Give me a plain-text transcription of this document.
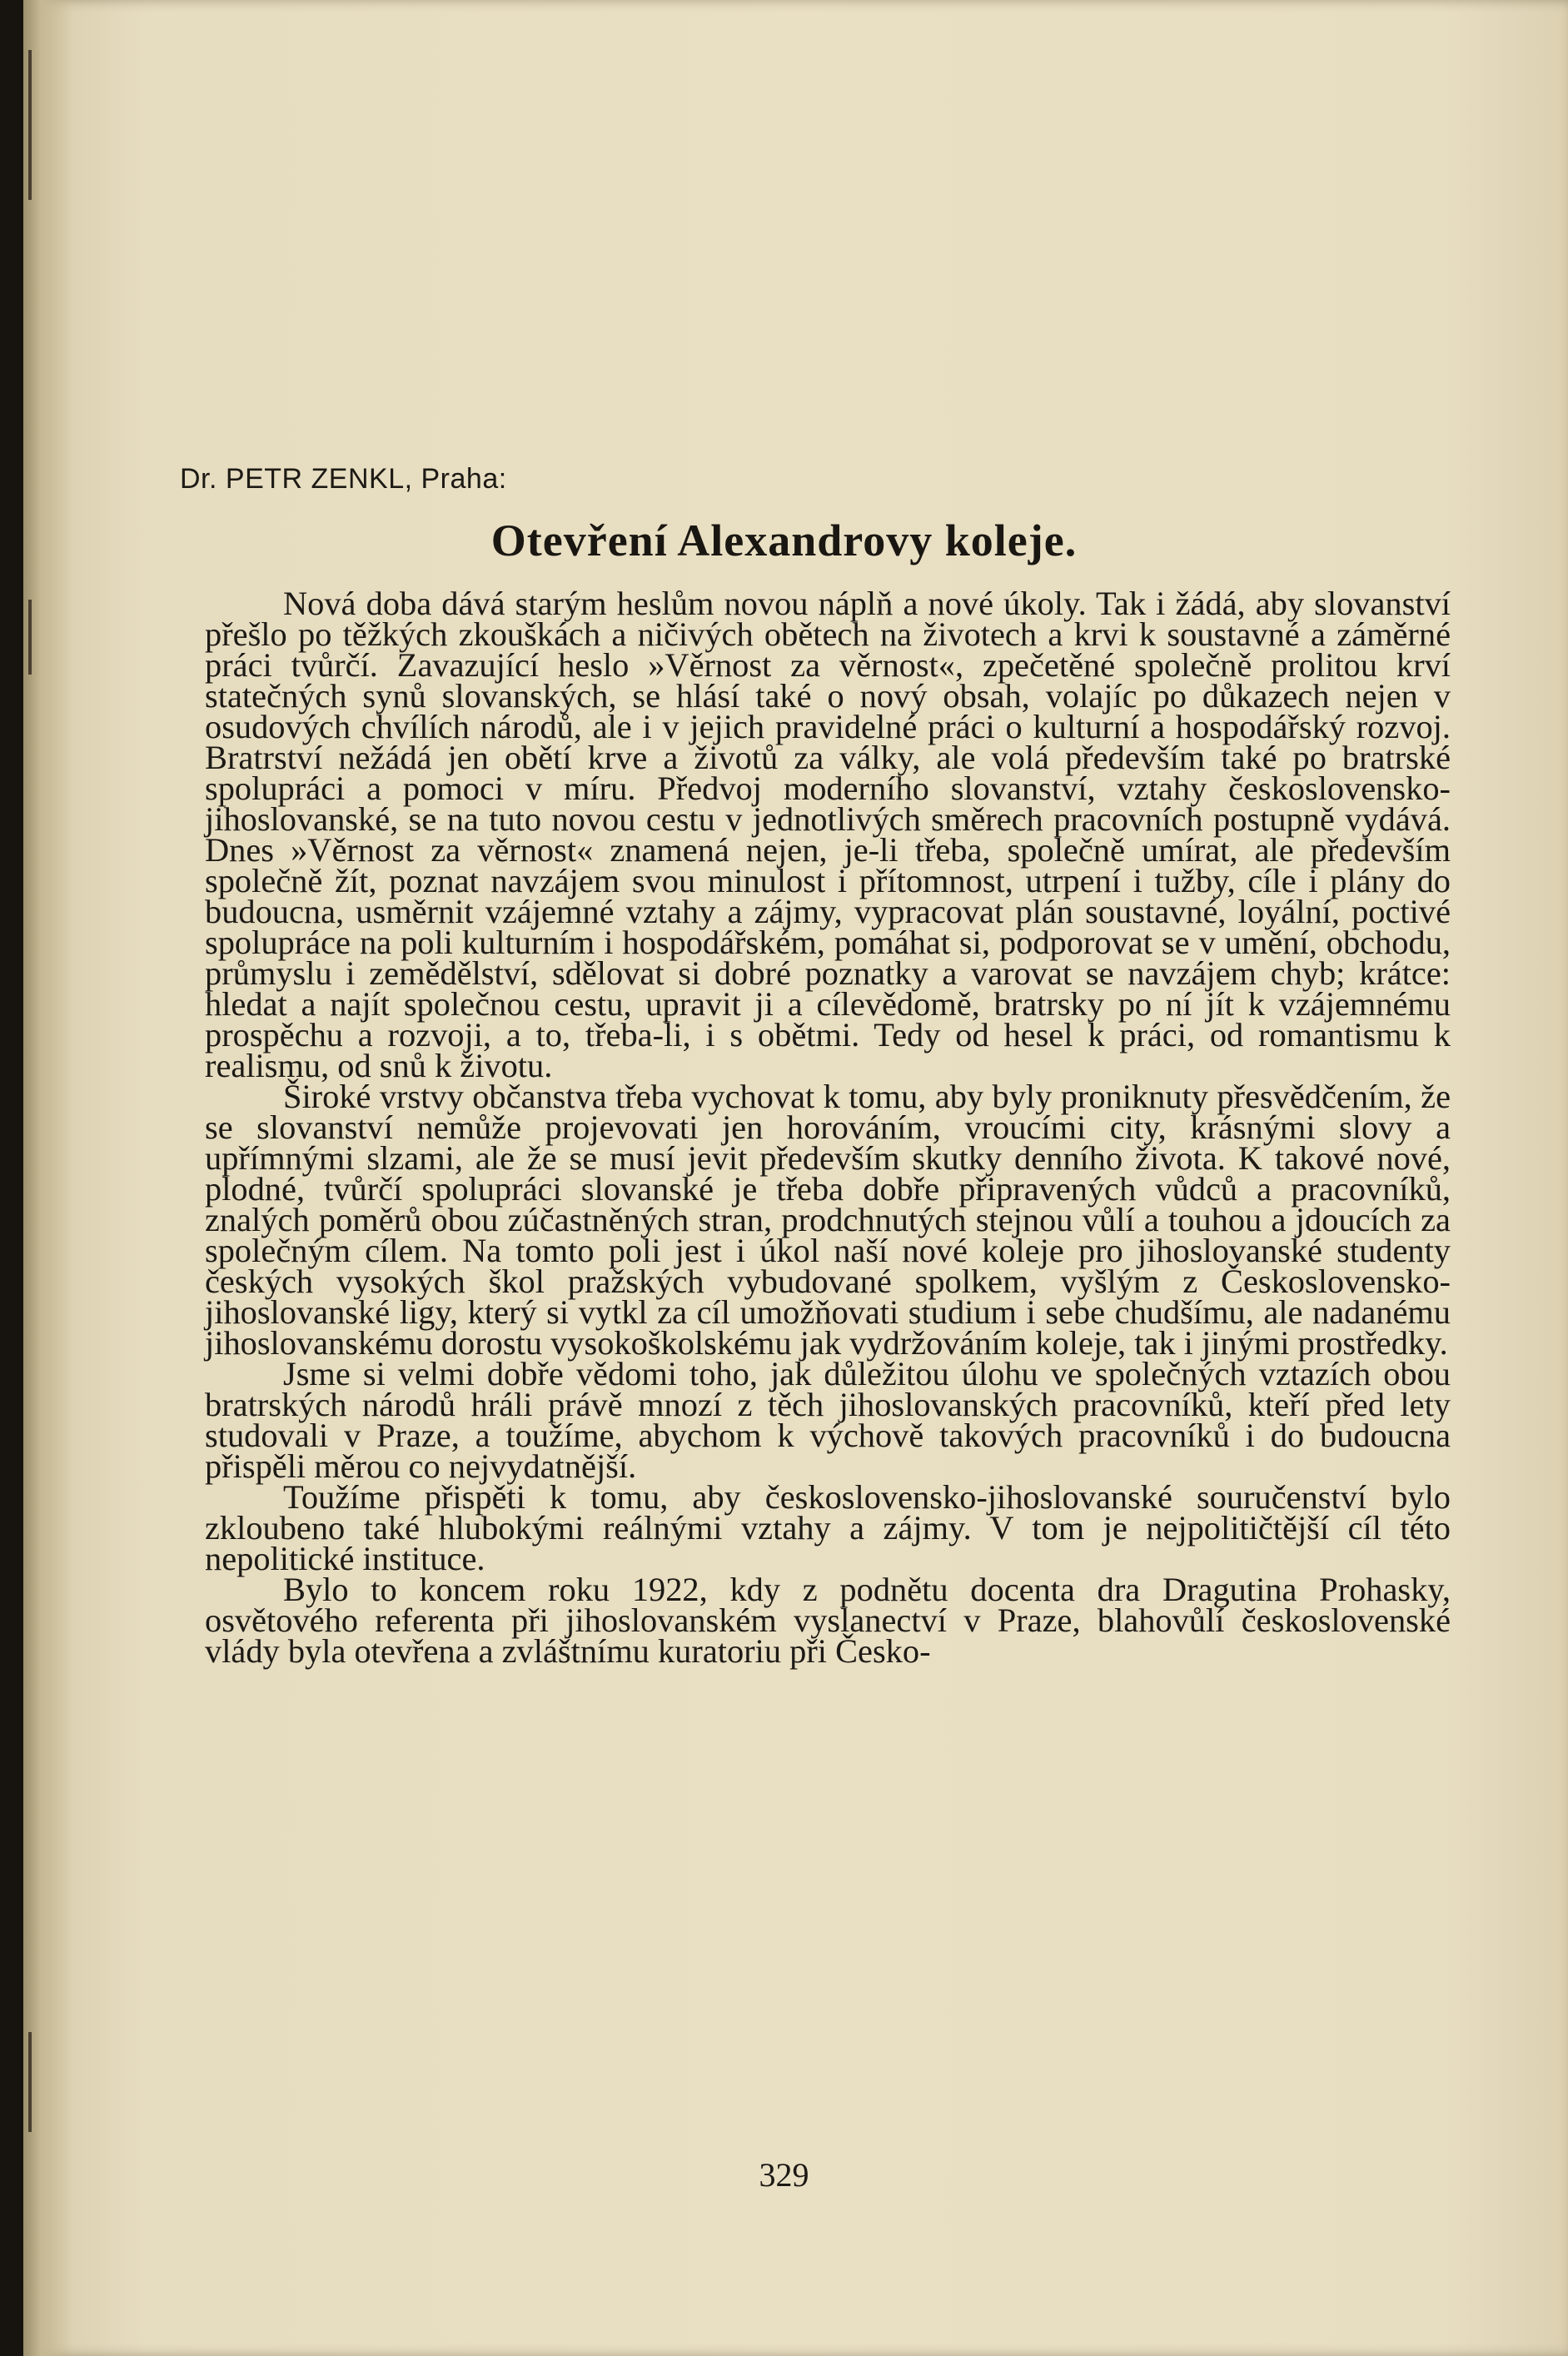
Dr. PETR ZENKL, Praha:
Otevření Alexandrovy koleje.

Nová doba dává starým heslům novou náplň a nové úkoly. Tak i žádá, aby slovanství přešlo po těžkých zkouškách a ničivých obětech na životech a krvi k soustavné a záměrné práci tvůrčí. Zavazující heslo »Věrnost za věrnost«, zpečetěné společně prolitou krví statečných synů slovanských, se hlásí také o nový obsah, volajíc po důkazech nejen v osudových chvílích národů, ale i v jejich pravidelné práci o kulturní a hospodářský rozvoj. Bratrství nežádá jen obětí krve a životů za války, ale volá především také po bratrské spolupráci a pomoci v míru. Předvoj moderního slovanství, vztahy československo-jihoslovanské, se na tuto novou cestu v jednotlivých směrech pracovních postupně vydává. Dnes »Věrnost za věrnost« znamená nejen, je-li třeba, společně umírat, ale především společně žít, poznat navzájem svou minulost i přítomnost, utrpení i tužby, cíle i plány do budoucna, usměrnit vzájemné vztahy a zájmy, vypracovat plán soustavné, loyální, poctivé spolupráce na poli kulturním i hospodářském, pomáhat si, podporovat se v umění, obchodu, průmyslu i zemědělství, sdělovat si dobré poznatky a varovat se navzájem chyb; krátce: hledat a najít společnou cestu, upravit ji a cílevědomě, bratrsky po ní jít k vzájemnému prospěchu a rozvoji, a to, třeba-li, i s obětmi. Tedy od hesel k práci, od romantismu k realismu, od snů k životu.

Široké vrstvy občanstva třeba vychovat k tomu, aby byly proniknuty přesvědčením, že se slovanství nemůže projevovati jen horováním, vroucími city, krásnými slovy a upřímnými slzami, ale že se musí jevit především skutky denního života. K takové nové, plodné, tvůrčí spolupráci slovanské je třeba dobře připravených vůdců a pracovníků, znalých poměrů obou zúčastněných stran, prodchnutých stejnou vůlí a touhou a jdoucích za společným cílem. Na tomto poli jest i úkol naší nové koleje pro jihoslovanské studenty českých vysokých škol pražských vybudované spolkem, vyšlým z Československo-jihoslovanské ligy, který si vytkl za cíl umožňovati studium i sebe chudšímu, ale nadanému jihoslovanskému dorostu vysokoškolskému jak vydržováním koleje, tak i jinými prostředky.

Jsme si velmi dobře vědomi toho, jak důležitou úlohu ve společných vztazích obou bratrských národů hráli právě mnozí z těch jihoslovanských pracovníků, kteří před lety studovali v Praze, a toužíme, abychom k výchově takových pracovníků i do budoucna přispěli měrou co nejvydatnější.

Toužíme přispěti k tomu, aby československo-jihoslovanské souručenství bylo zkloubeno také hlubokými reálnými vztahy a zájmy. V tom je nejpolitičtější cíl této nepolitické instituce.

Bylo to koncem roku 1922, kdy z podnětu docenta dra Dragutina Prohasky, osvětového referenta při jihoslovanském vyslanectví v Praze, blahovůlí československé vlády byla otevřena a zvláštnímu kuratoriu při Česko-

329
